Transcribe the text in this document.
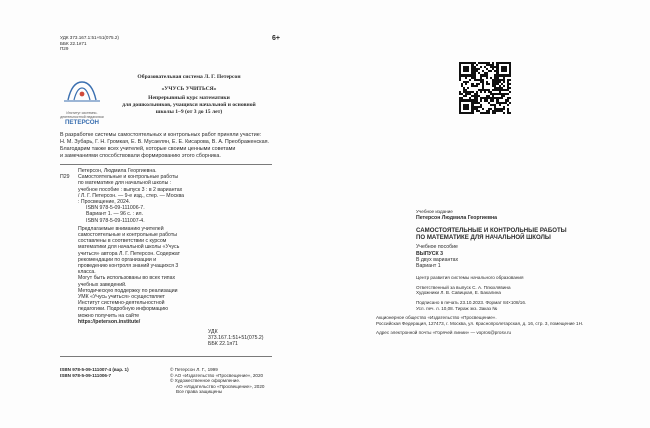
УДК 373.167.1:51+51(075.2)
ББК 22.1я71
П29
6+
Институт системно-деятельностной педагогики
ПЕТЕРСОН
Образовательная система Л. Г. Петерсон
«УЧУСЬ УЧИТЬСЯ»
Непрерывный курс математики
для дошкольников, учащихся начальной и основной
школы 1–9 (от 3 до 15 лет)
В разработке системы самостоятельных и контрольных работ приняли участие:
Н. М. Зубарь, Г. Н. Громкая, Е. В. Мусаелян, Е. Е. Кисарова, В. А. Преображенская.
Благодарим также всех учителей, которые своими ценными советами
и замечаниями способствовали формированию этого сборника.
Петерсон, Людмила Георгиевна.
П29	Самостоятельные и контрольные работы по математике для начальной школы : учебное пособие : выпуск 3 : в 2 вариантах / Л. Г. Петерсон. — 9-е изд., стер. — Москва : Просвещение, 2024.
ISBN 978-5-09-111006-7.
Вариант 1. — 96 с. : ил.
ISBN 978-5-09-111007-4.
Предлагаемые вниманию учителей самостоятельные и контрольные работы составлены в соответствии с курсом математики для начальной школы «Учусь учиться» автора Л. Г. Петерсон. Содержат рекомендации по организации и проведению контроля знаний учащихся 3 класса.
Могут быть использованы во всех типах учебных заведений.
Методическую поддержку по реализации УМК «Учусь учиться» осуществляет Институт системно-деятельностной педагогики. Подробную информацию можно получить на сайте
https://peterson.institute/
УДК 373.167.1:51+51(075.2)
ББК 22.1я71
ISBN 978-5-09-111007-4 (вар. 1)
ISBN 978-5-09-111006-7
© Петерсон Л. Г., 1999
© АО «Издательство «Просвещение», 2020
© Художественное оформление.
АО «Издательство «Просвещение», 2020
Все права защищены
Учебное издание
Петерсон Людмила Георгиевна
САМОСТОЯТЕЛЬНЫЕ И КОНТРОЛЬНЫЕ РАБОТЫ
ПО МАТЕМАТИКЕ ДЛЯ НАЧАЛЬНОЙ ШКОЛЫ
Учебное пособие
ВЫПУСК 3
В двух вариантах
Вариант 1
Центр развития системы начального образования
Ответственный за выпуск С. А. Плюхлявина
Художники Л. В. Савицкая, Е. Бакалина
Подписано в печать 23.10.2023. Формат 84×108/16.
Усл. печ. л. 10,08. Тираж экз. Заказ №
Акционерное общество «Издательство «Просвещение».
Российская Федерация, 127473, г. Москва, ул. Краснопролетарская, д. 16, стр. 3, помещение 1Н.
Адрес электронной почты «Горячей линии» — vopros@prosv.ru
